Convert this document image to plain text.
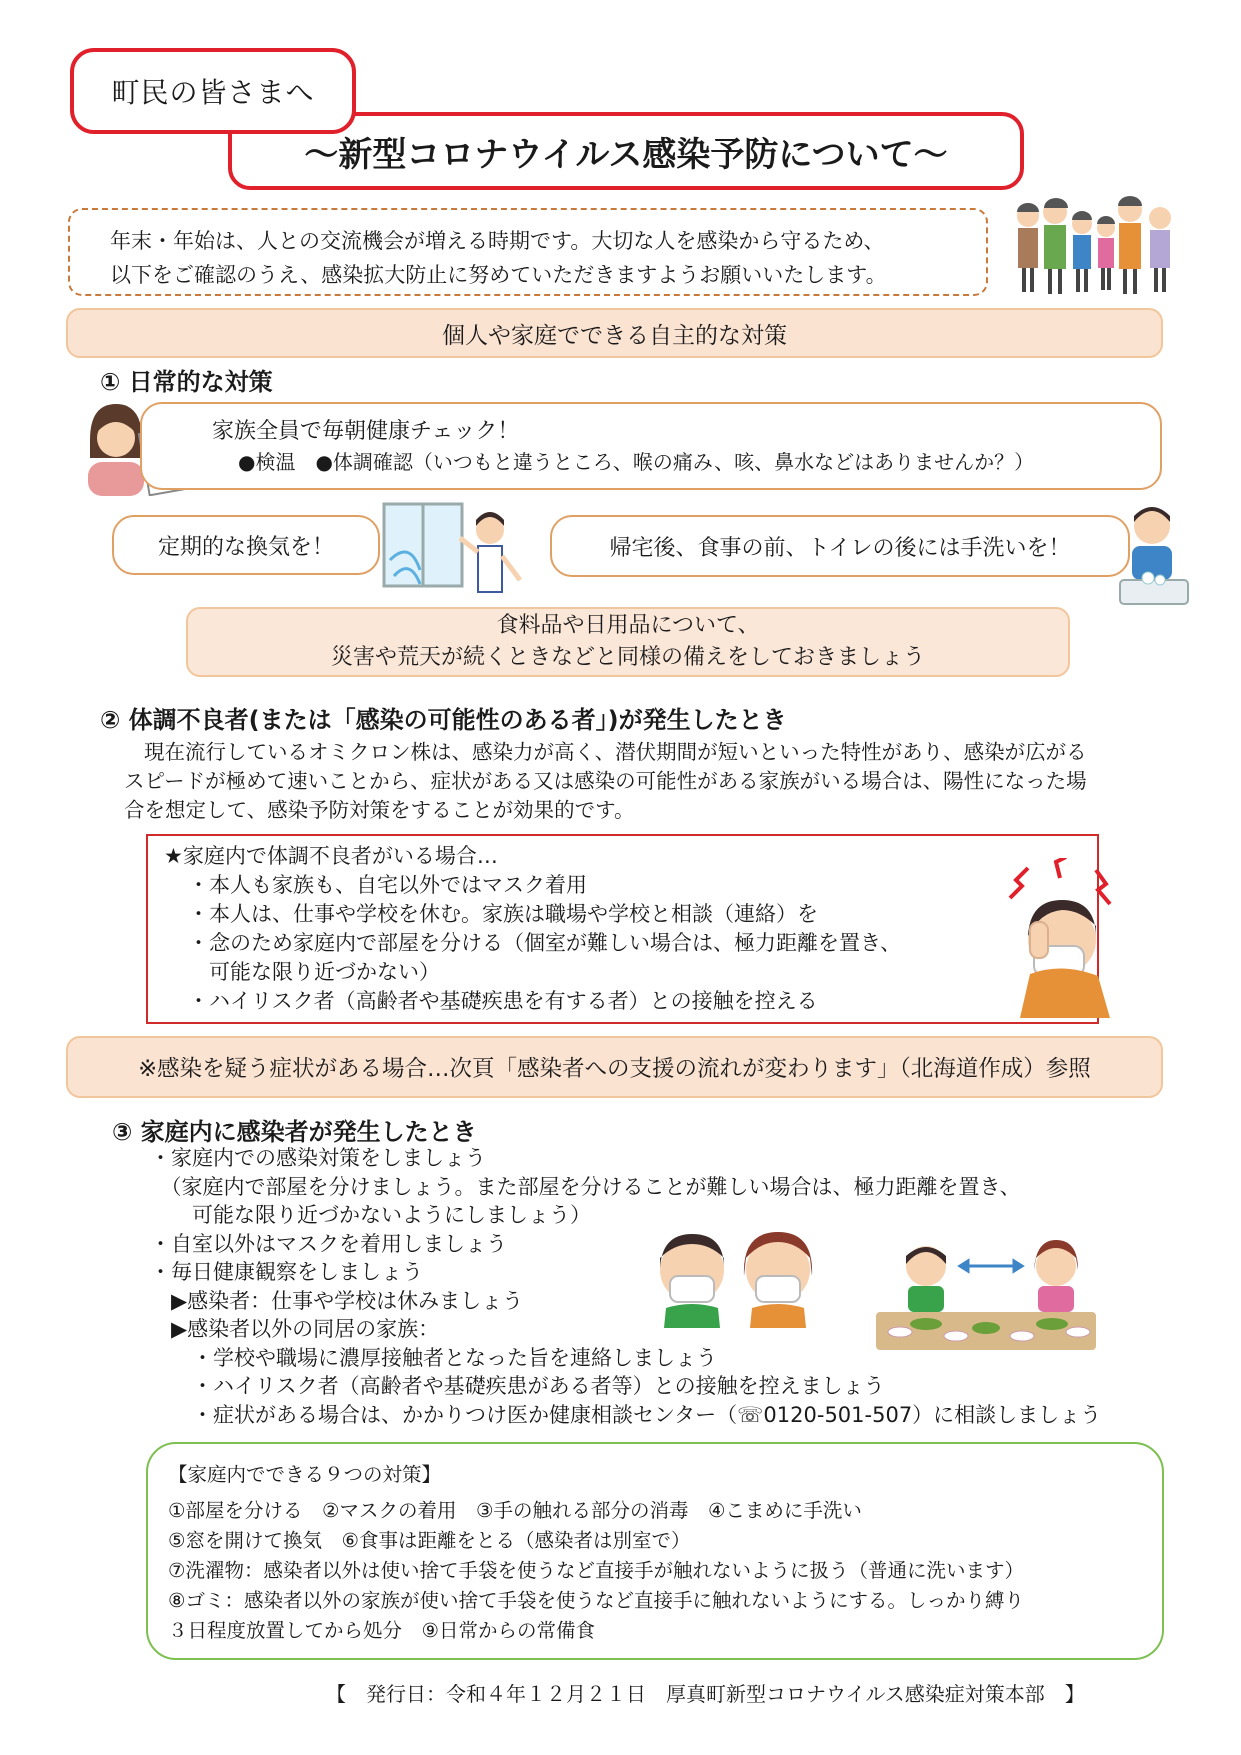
町民の皆さまへ
～新型コロナウイルス感染予防について～
年末・年始は、人との交流機会が増える時期です。大切な人を感染から守るため、
以下をご確認のうえ、感染拡大防止に努めていただきますようお願いいたします。
個人や家庭でできる自主的な対策
① 日常的な対策
家族全員で毎朝健康チェック！
●検温　●体調確認（いつもと違うところ、喉の痛み、咳、鼻水などはありませんか？）
定期的な換気を！	帰宅後、食事の前、トイレの後には手洗いを！
食料品や日用品について、
災害や荒天が続くときなどと同様の備えをしておきましょう
② 体調不良者(または「感染の可能性のある者」)が発生したとき
現在流行しているオミクロン株は、感染力が高く、潜伏期間が短いといった特性があり、感染が広がる
スピードが極めて速いことから、症状がある又は感染の可能性がある家族がいる場合は、陽性になった場
合を想定して、感染予防対策をすることが効果的です。
★家庭内で体調不良者がいる場合…
・本人も家族も、自宅以外ではマスク着用
・本人は、仕事や学校を休む。家族は職場や学校と相談（連絡）を
・念のため家庭内で部屋を分ける（個室が難しい場合は、極力距離を置き、
　可能な限り近づかない）
・ハイリスク者（高齢者や基礎疾患を有する者）との接触を控える
※感染を疑う症状がある場合…次頁「感染者への支援の流れが変わります」（北海道作成）参照
③ 家庭内に感染者が発生したとき
・家庭内での感染対策をしましょう
　（家庭内で部屋を分けましょう。また部屋を分けることが難しい場合は、極力距離を置き、
　　可能な限り近づかないようにしましょう）
・自室以外はマスクを着用しましょう
・毎日健康観察をしましょう
　▶感染者：仕事や学校は休みましょう
　▶感染者以外の同居の家族：
　　・学校や職場に濃厚接触者となった旨を連絡しましょう
　　・ハイリスク者（高齢者や基礎疾患がある者等）との接触を控えましょう
　　・症状がある場合は、かかりつけ医か健康相談センター（☏0120-501-507）に相談しましょう
【家庭内でできる９つの対策】
①部屋を分ける　②マスクの着用　③手の触れる部分の消毒　④こまめに手洗い
⑤窓を開けて換気　⑥食事は距離をとる（感染者は別室で）
⑦洗濯物：感染者以外は使い捨て手袋を使うなど直接手が触れないように扱う（普通に洗います）
⑧ゴミ：感染者以外の家族が使い捨て手袋を使うなど直接手に触れないようにする。しっかり縛り
３日程度放置してから処分　⑨日常からの常備食
【　発行日：令和４年１２月２１日　厚真町新型コロナウイルス感染症対策本部　】
